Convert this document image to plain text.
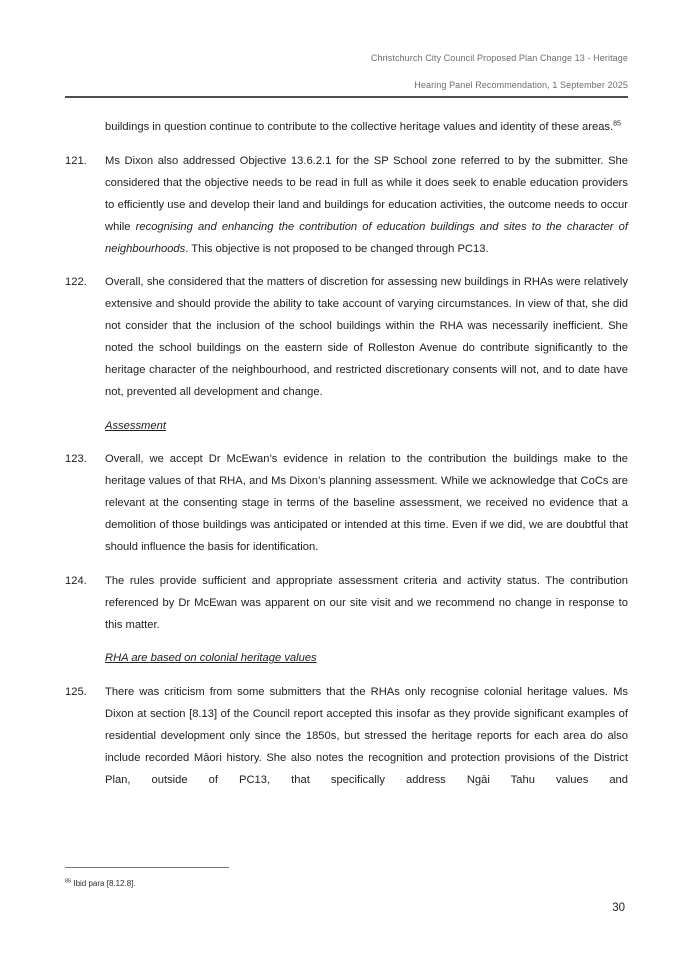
Christchurch City Council Proposed Plan Change 13 - Heritage
Hearing Panel Recommendation, 1 September 2025
buildings in question continue to contribute to the collective heritage values and identity of these areas.$^{85}$
121. Ms Dixon also addressed Objective 13.6.2.1 for the SP School zone referred to by the submitter. She considered that the objective needs to be read in full as while it does seek to enable education providers to efficiently use and develop their land and buildings for education activities, the outcome needs to occur while recognising and enhancing the contribution of education buildings and sites to the character of neighbourhoods. This objective is not proposed to be changed through PC13.
122. Overall, she considered that the matters of discretion for assessing new buildings in RHAs were relatively extensive and should provide the ability to take account of varying circumstances. In view of that, she did not consider that the inclusion of the school buildings within the RHA was necessarily inefficient. She noted the school buildings on the eastern side of Rolleston Avenue do contribute significantly to the heritage character of the neighbourhood, and restricted discretionary consents will not, and to date have not, prevented all development and change.
Assessment
123. Overall, we accept Dr McEwan’s evidence in relation to the contribution the buildings make to the heritage values of that RHA, and Ms Dixon’s planning assessment. While we acknowledge that CoCs are relevant at the consenting stage in terms of the baseline assessment, we received no evidence that a demolition of those buildings was anticipated or intended at this time. Even if we did, we are doubtful that should influence the basis for identification.
124. The rules provide sufficient and appropriate assessment criteria and activity status. The contribution referenced by Dr McEwan was apparent on our site visit and we recommend no change in response to this matter.
RHA are based on colonial heritage values
125. There was criticism from some submitters that the RHAs only recognise colonial heritage values. Ms Dixon at section [8.13] of the Council report accepted this insofar as they provide significant examples of residential development only since the 1850s, but stressed the heritage reports for each area do also include recorded Māori history. She also notes the recognition and protection provisions of the District Plan, outside of PC13, that specifically address Ngāi Tahu values and
$^{85}$ Ibid para [8.12.8].
30
